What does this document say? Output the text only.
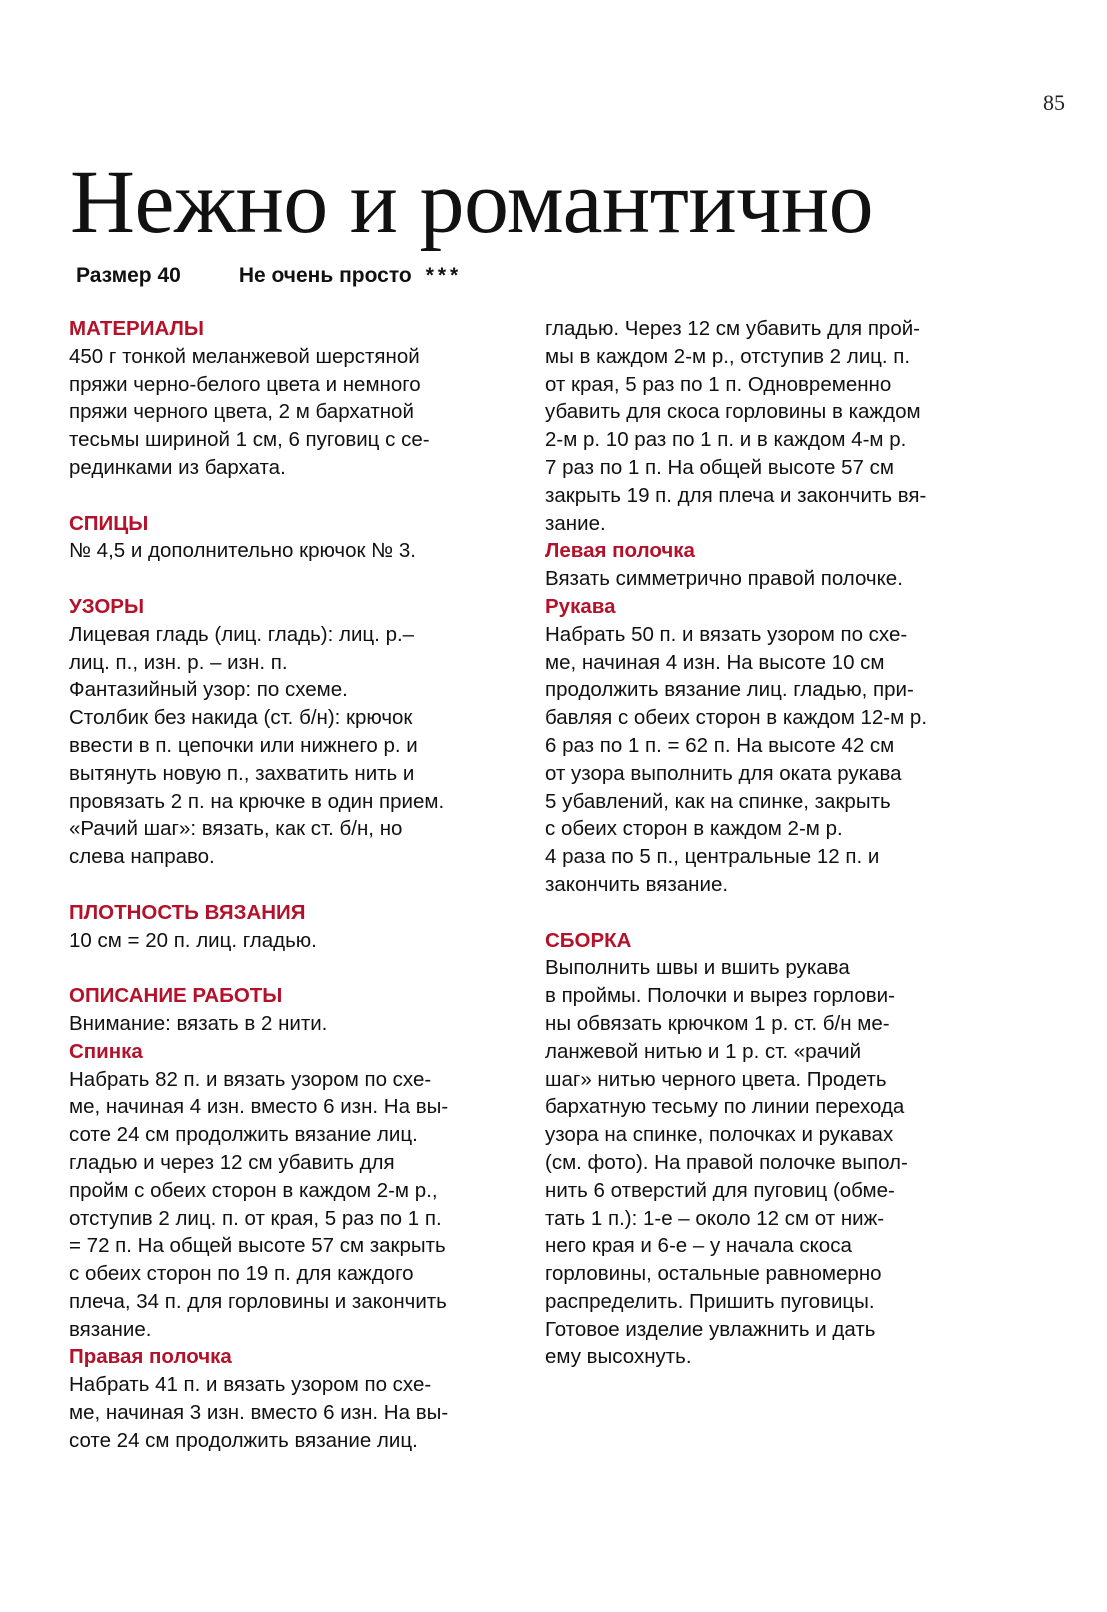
85
Нежно и романтично
Размер 40	Не очень просто ***
МАТЕРИАЛЫ

450 г тонкой меланжевой шерстяной
пряжи черно-белого цвета и немного
пряжи черного цвета, 2 м бархатной
тесьмы шириной 1 см, 6 пуговиц с се-
рединками из бархата.

СПИЦЫ

№ 4,5 и дополнительно крючок № 3.

УЗОРЫ

Лицевая гладь (лиц. гладь): лиц. р.–
лиц. п., изн. р. – изн. п.
Фантазийный узор: по схеме.
Столбик без накида (ст. б/н): крючок
ввести в п. цепочки или нижнего р. и
вытянуть новую п., захватить нить и
провязать 2 п. на крючке в один прием.
«Рачий шаг»: вязать, как ст. б/н, но
слева направо.

ПЛОТНОСТЬ ВЯЗАНИЯ

10 см = 20 п. лиц. гладью.

ОПИСАНИЕ РАБОТЫ

Внимание: вязать в 2 нити.

Спинка

Набрать 82 п. и вязать узором по схе-
ме, начиная 4 изн. вместо 6 изн. На вы-
соте 24 см продолжить вязание лиц.
гладью и через 12 см убавить для
пройм с обеих сторон в каждом 2-м р.,
отступив 2 лиц. п. от края, 5 раз по 1 п.
= 72 п. На общей высоте 57 см закрыть
с обеих сторон по 19 п. для каждого
плеча, 34 п. для горловины и закончить
вязание.

Правая полочка

Набрать 41 п. и вязать узором по схе-
ме, начиная 3 изн. вместо 6 изн. На вы-
соте 24 см продолжить вязание лиц.

гладью. Через 12 см убавить для прой-
мы в каждом 2-м р., отступив 2 лиц. п.
от края, 5 раз по 1 п. Одновременно
убавить для скоса горловины в каждом
2-м р. 10 раз по 1 п. и в каждом 4-м р.
7 раз по 1 п. На общей высоте 57 см
закрыть 19 п. для плеча и закончить вя-
зание.

Левая полочка

Вязать симметрично правой полочке.

Рукава

Набрать 50 п. и вязать узором по схе-
ме, начиная 4 изн. На высоте 10 см
продолжить вязание лиц. гладью, при-
бавляя с обеих сторон в каждом 12-м р.
6 раз по 1 п. = 62 п. На высоте 42 см
от узора выполнить для оката рукава
5 убавлений, как на спинке, закрыть
с обеих сторон в каждом 2-м р.
4 раза по 5 п., центральные 12 п. и
закончить вязание.

СБОРКА

Выполнить швы и вшить рукава
в проймы. Полочки и вырез горлови-
ны обвязать крючком 1 р. ст. б/н ме-
ланжевой нитью и 1 р. ст. «рачий
шаг» нитью черного цвета. Продеть
бархатную тесьму по линии перехода
узора на спинке, полочках и рукавах
(см. фото). На правой полочке выпол-
нить 6 отверстий для пуговиц (обме-
тать 1 п.): 1-е – около 12 см от ниж-
него края и 6-е – у начала скоса
горловины, остальные равномерно
распределить. Пришить пуговицы.
Готовое изделие увлажнить и дать
ему высохнуть.
